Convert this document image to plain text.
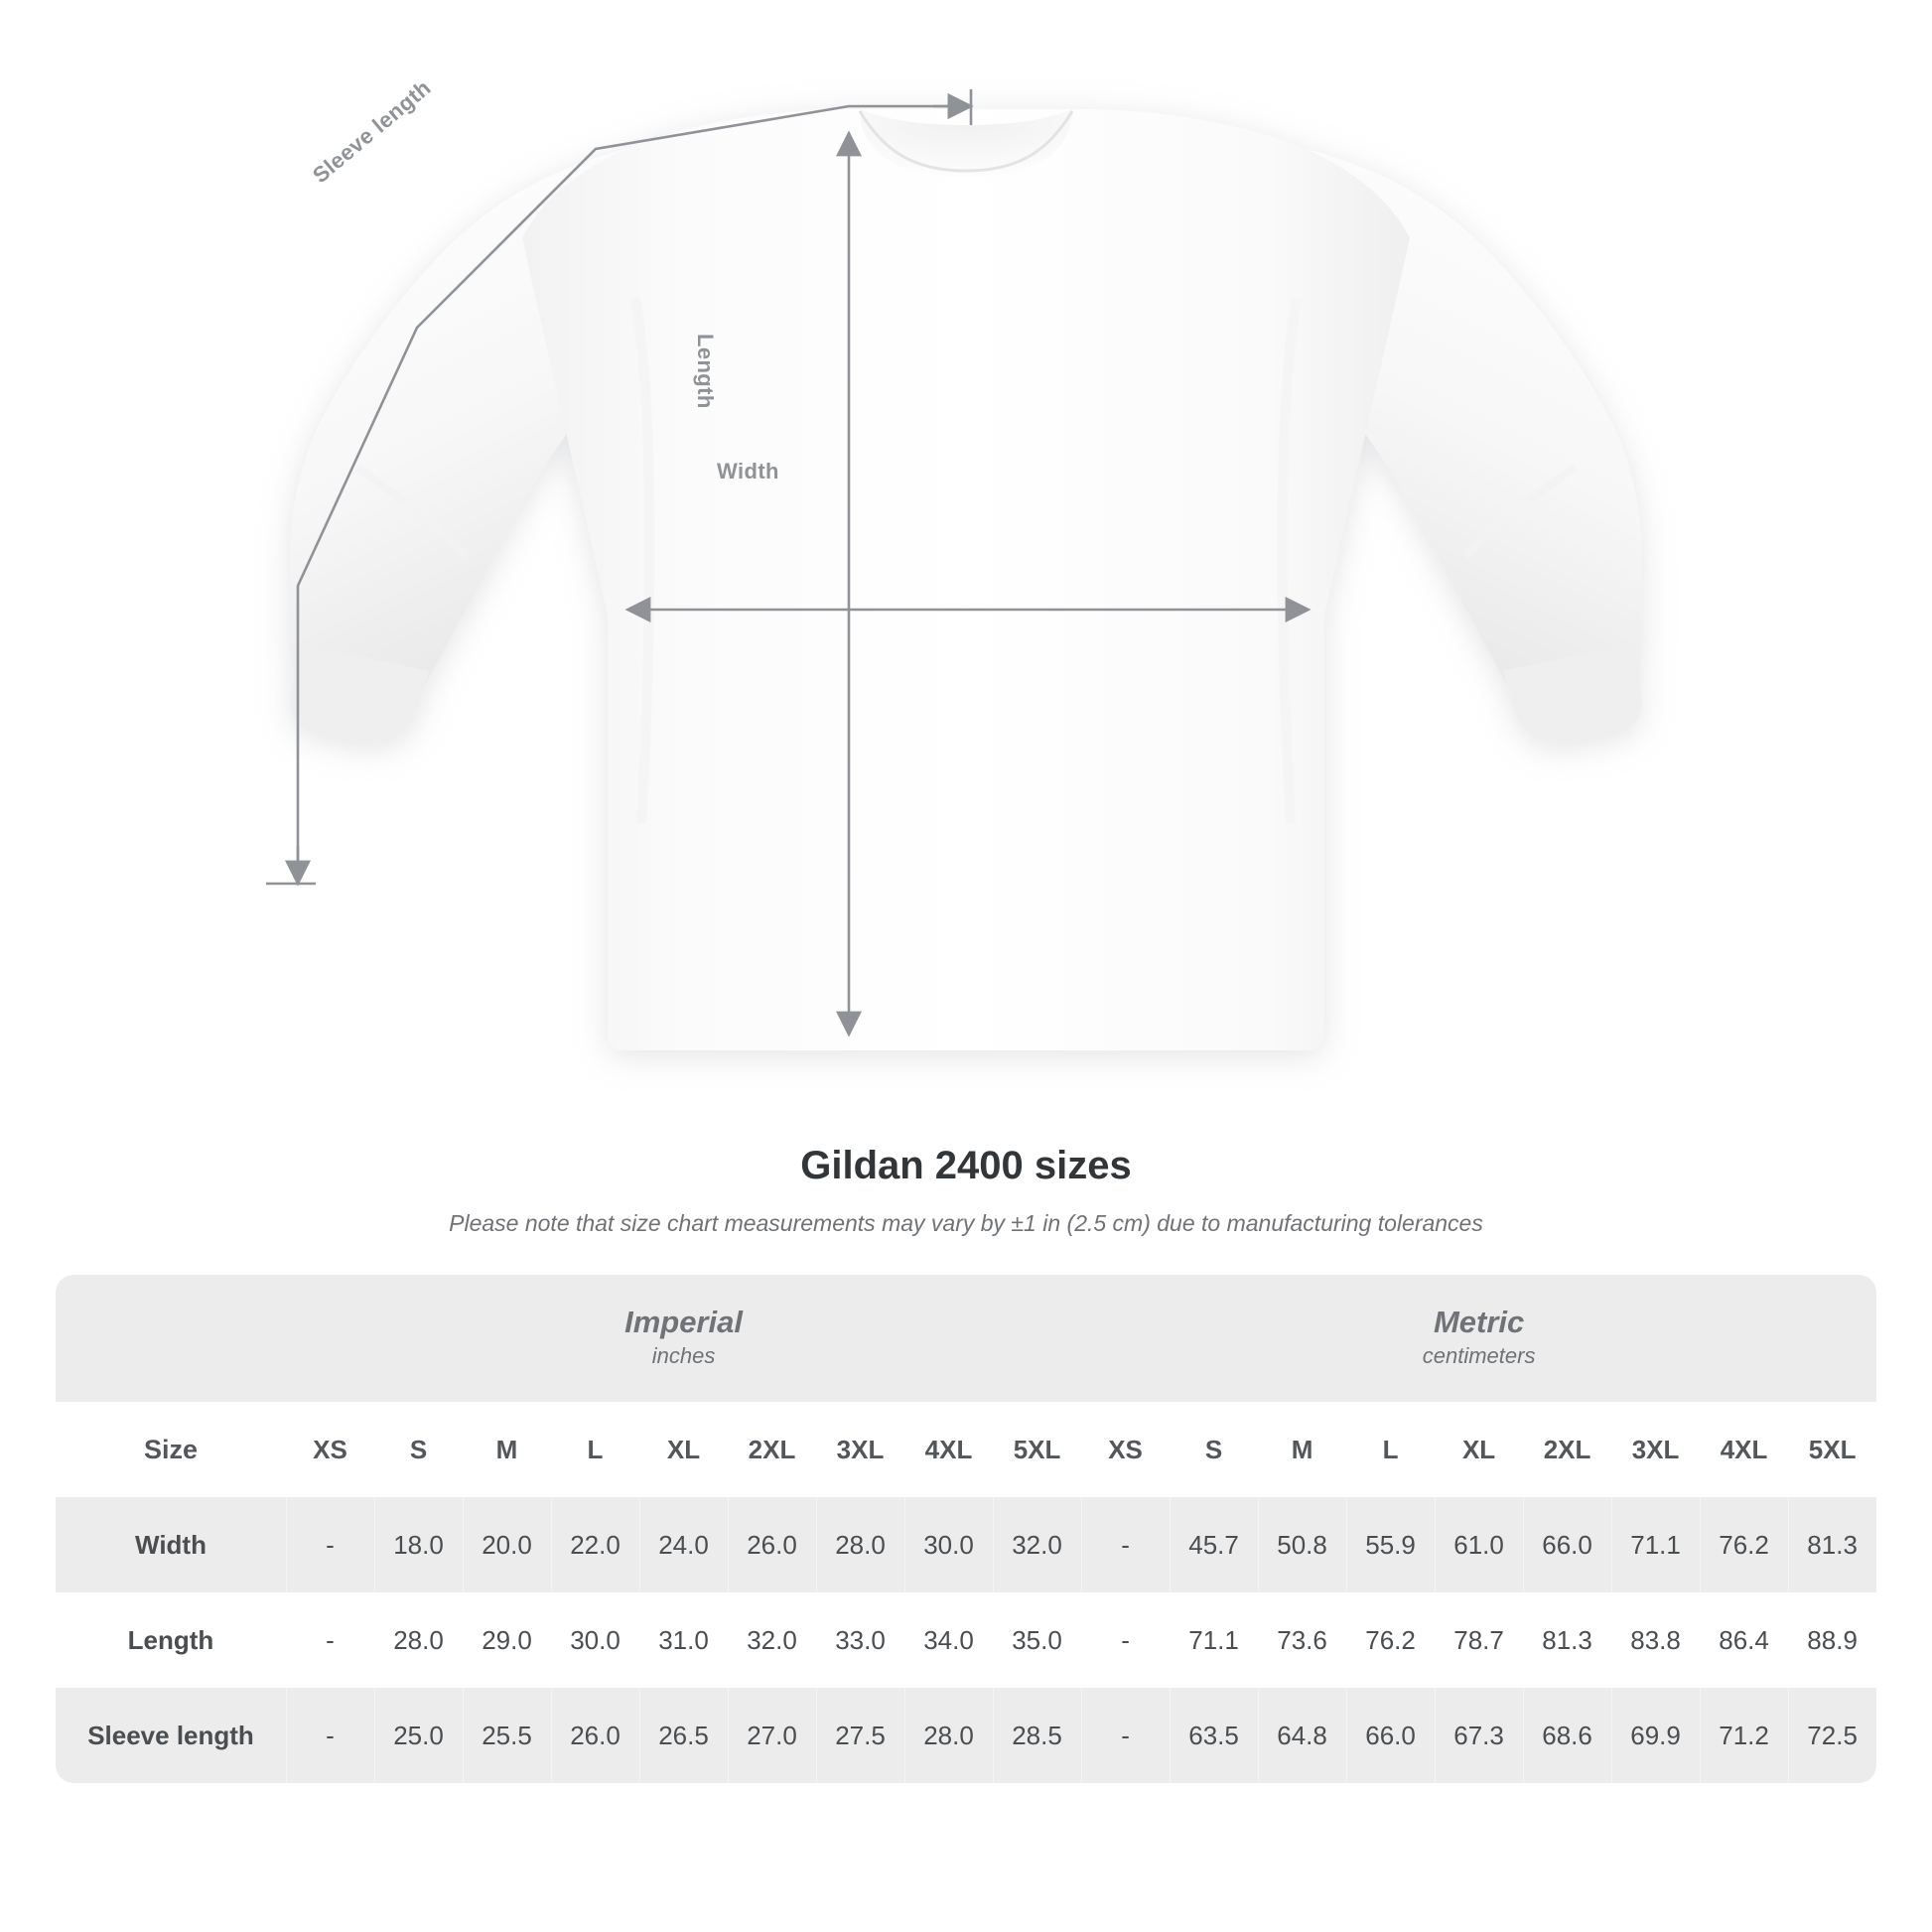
Sleeve length
Length
Width
Gildan 2400 sizes

Please note that size chart measurements may vary by ±1 in (2.5 cm) due to manufacturing tolerances

	Imperial
inches									Metric
centimeters								

Size	XS	S	M	L	XL	2XL	3XL	4XL	5XL	XS	S	M	L	XL	2XL	3XL	4XL	5XL
Width	-	18.0	20.0	22.0	24.0	26.0	28.0	30.0	32.0	-	45.7	50.8	55.9	61.0	66.0	71.1	76.2	81.3
Length	-	28.0	29.0	30.0	31.0	32.0	33.0	34.0	35.0	-	71.1	73.6	76.2	78.7	81.3	83.8	86.4	88.9
Sleeve length	-	25.0	25.5	26.0	26.5	27.0	27.5	28.0	28.5	-	63.5	64.8	66.0	67.3	68.6	69.9	71.2	72.5
